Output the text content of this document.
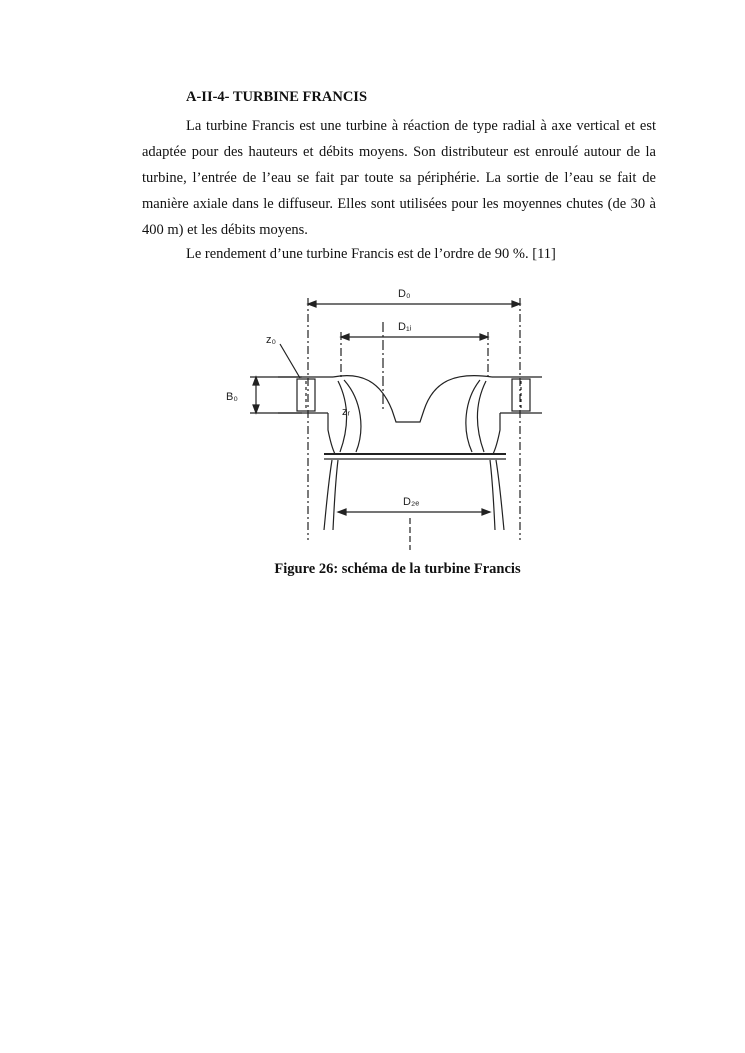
A-II-4- TURBINE FRANCIS

La turbine Francis est une turbine à réaction de type radial à axe vertical et est adaptée pour des hauteurs et débits moyens. Son distributeur est enroulé autour de la turbine, l’entrée de l’eau se fait par toute sa périphérie. La sortie de l’eau se fait de manière axiale dans le diffuseur. Elles sont utilisées pour les moyennes chutes (de 30 à 400 m) et les débits moyens.

Le rendement d’une turbine Francis est de l’ordre de 90 %. [11]

D₀
D₁ᵢ
z₀
B₀
zᵣ
D₂ₑ
Figure 26: schéma de la turbine Francis
